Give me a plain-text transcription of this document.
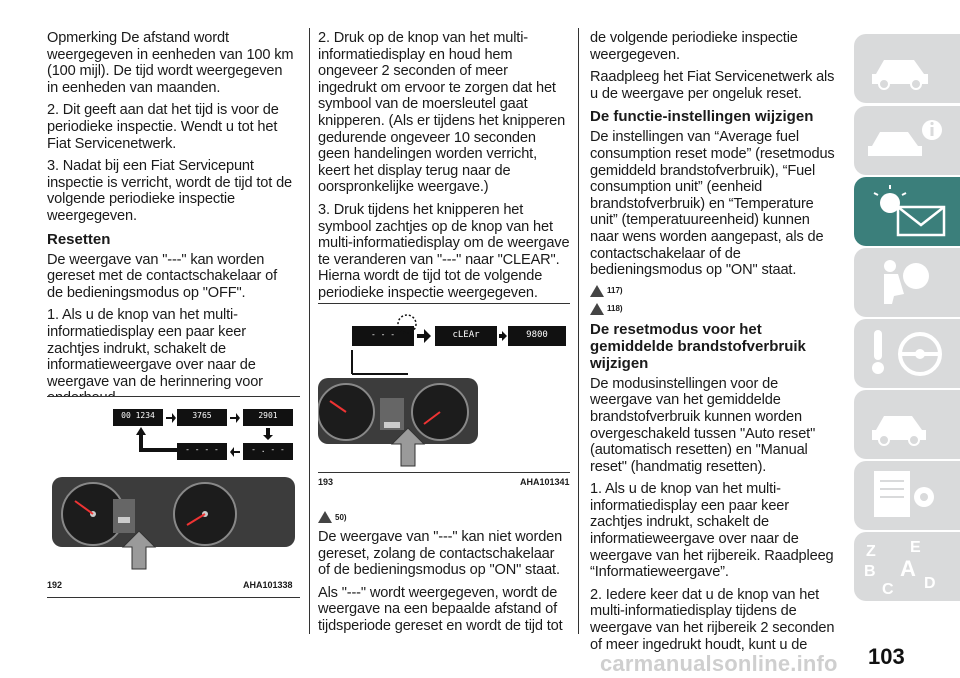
Opmerking De afstand wordt weergegeven in eenheden van 100 km (100 mijl). De tijd wordt weergegeven in eenheden van maanden.

2. Dit geeft aan dat het tijd is voor de periodieke inspectie. Wendt u tot het Fiat Servicenetwerk.

3. Nadat bij een Fiat Servicepunt inspectie is verricht, wordt de tijd tot de volgende periodieke inspectie weergegeven.

Resetten

De weergave van "---" kan worden gereset met de contactschakelaar of de bedieningsmodus op "OFF".

1. Als u de knop van het multi-informatiedisplay een paar keer zachtjes indrukt, schakelt de informatieweergave over naar de weergave van de herinnering voor

00 1234	3765	2901
- - - -	- . - -
192	AHA101338

2. Druk op de knop van het multi-informatiedisplay en houd hem ongeveer 2 seconden of meer ingedrukt om ervoor te zorgen dat het symbool van de moersleutel gaat knipperen. (Als er tijdens het knipperen gedurende ongeveer 10 seconden geen handelingen worden verricht, keert het display terug naar de oorspronkelijke weergave.)

3. Druk tijdens het knipperen het symbool zachtjes op de knop van het multi-informatiedisplay om de weergave te veranderen van "---" naar "CLEAR". Hierna wordt de tijd tot de volgende periodieke inspectie weergegeven.

- - -	cLEAr	9800
193	AHA101341
50)

De weergave van "---" kan niet worden gereset, zolang de contactschakelaar of de bedieningsmodus op "ON" staat.

Als "---" wordt weergegeven, wordt de weergave na een bepaalde afstand of tijdsperiode gereset en wordt de tijd tot

de volgende periodieke inspectie weergegeven.

Raadpleeg het Fiat Servicenetwerk als u de weergave per ongeluk reset.

De functie-instellingen wijzigen

De instellingen van “Average fuel consumption reset mode” (resetmodus gemiddeld brandstofverbruik), “Fuel consumption unit” (eenheid brandstofverbruik) en “Temperature unit” (temperatuureenheid) kunnen naar wens worden aangepast, als de contactschakelaar of de bedieningsmodus op "ON" staat.

117)
118)
De resetmodus voor het gemiddelde brandstofverbruik wijzigen

De modusinstellingen voor de weergave van het gemiddelde brandstofverbruik kunnen worden overgeschakeld tussen "Auto reset" (automatisch resetten) en "Manual reset" (handmatig resetten).

1. Als u de knop van het multi-informatiedisplay een paar keer zachtjes indrukt, schakelt de informatieweergave over naar de weergave van het rijbereik. Raadpleeg “Informatieweergave”.

2. Iedere keer dat u de knop van het multi-informatiedisplay tijdens de weergave van het rijbereik 2 seconden of meer ingedrukt houdt, kunt u de

Z E
B A
C D
103
carmanualsonline.info
